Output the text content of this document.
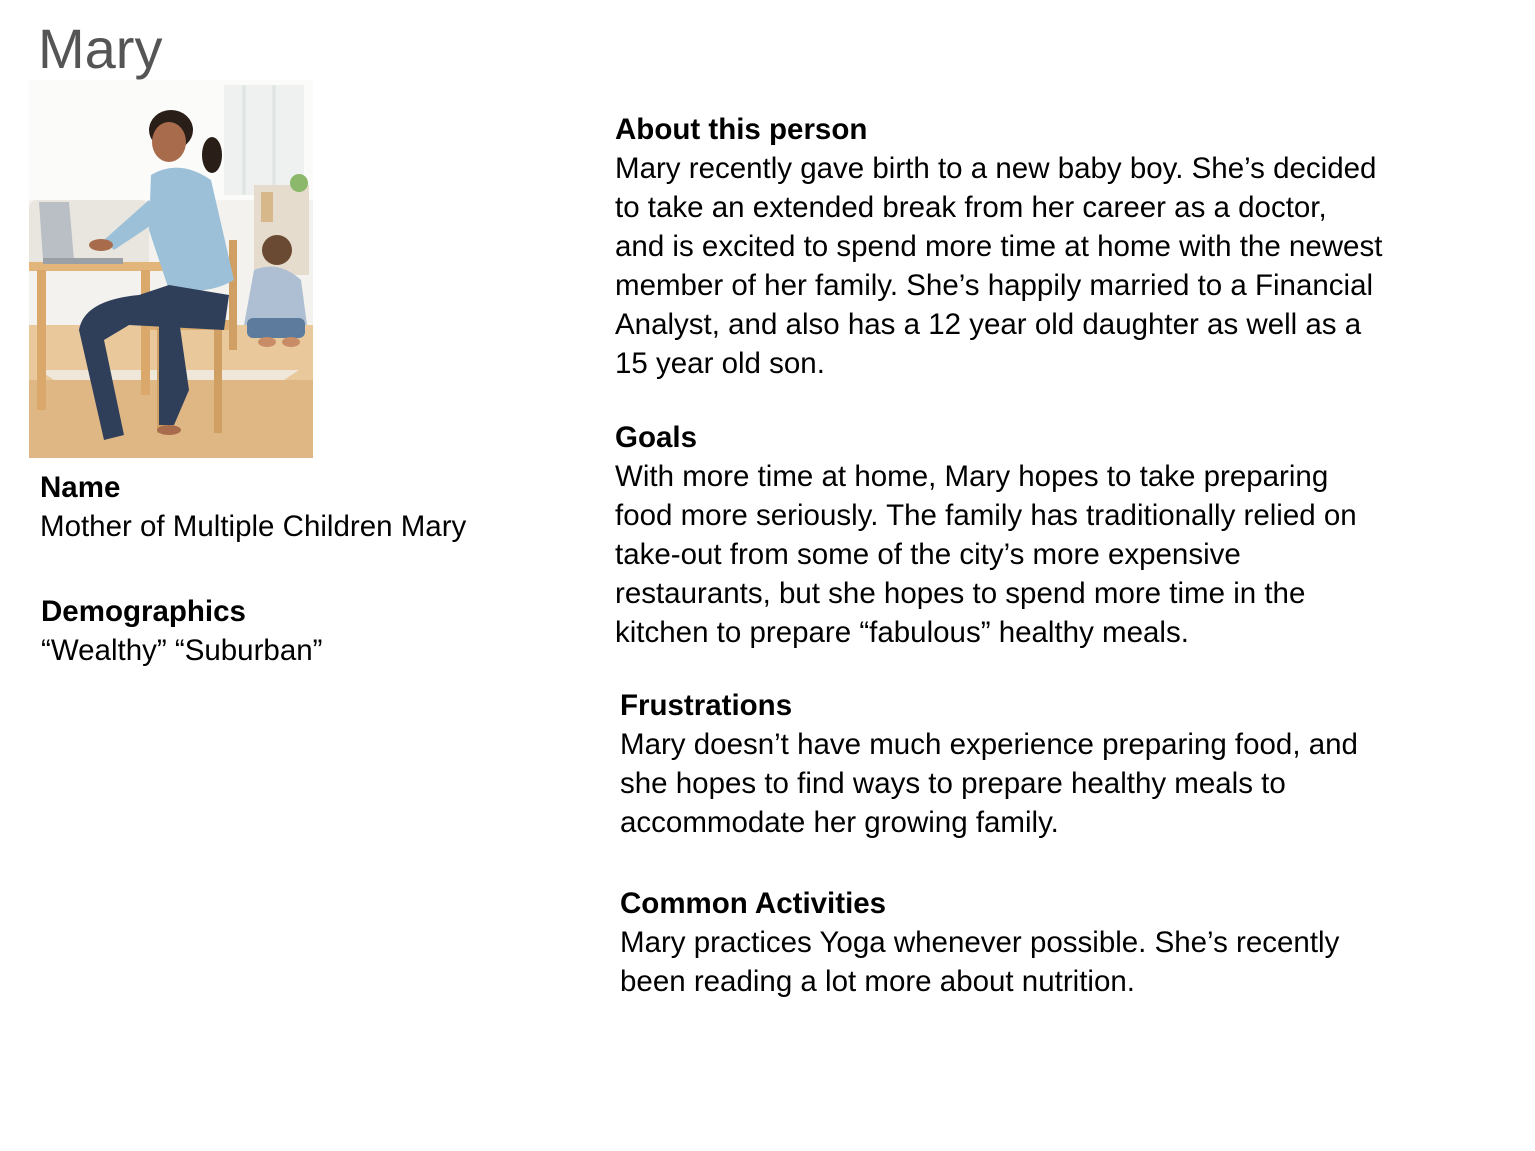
Mary
Name
Mother of Multiple Children Mary
Demographics
“Wealthy” “Suburban”
About this person
Mary recently gave birth to a new baby boy. She’s decided
to take an extended break from her career as a doctor,
and is excited to spend more time at home with the newest
member of her family. She’s happily married to a Financial
Analyst, and also has a 12 year old daughter as well as a
15 year old son.
Goals
With more time at home, Mary hopes to take preparing
food more seriously. The family has traditionally relied on
take-out from some of the city’s more expensive
restaurants, but she hopes to spend more time in the
kitchen to prepare “fabulous” healthy meals.
Frustrations
Mary doesn’t have much experience preparing food, and
she hopes to find ways to prepare healthy meals to
accommodate her growing family.
Common Activities
Mary practices Yoga whenever possible. She’s recently
been reading a lot more about nutrition.
